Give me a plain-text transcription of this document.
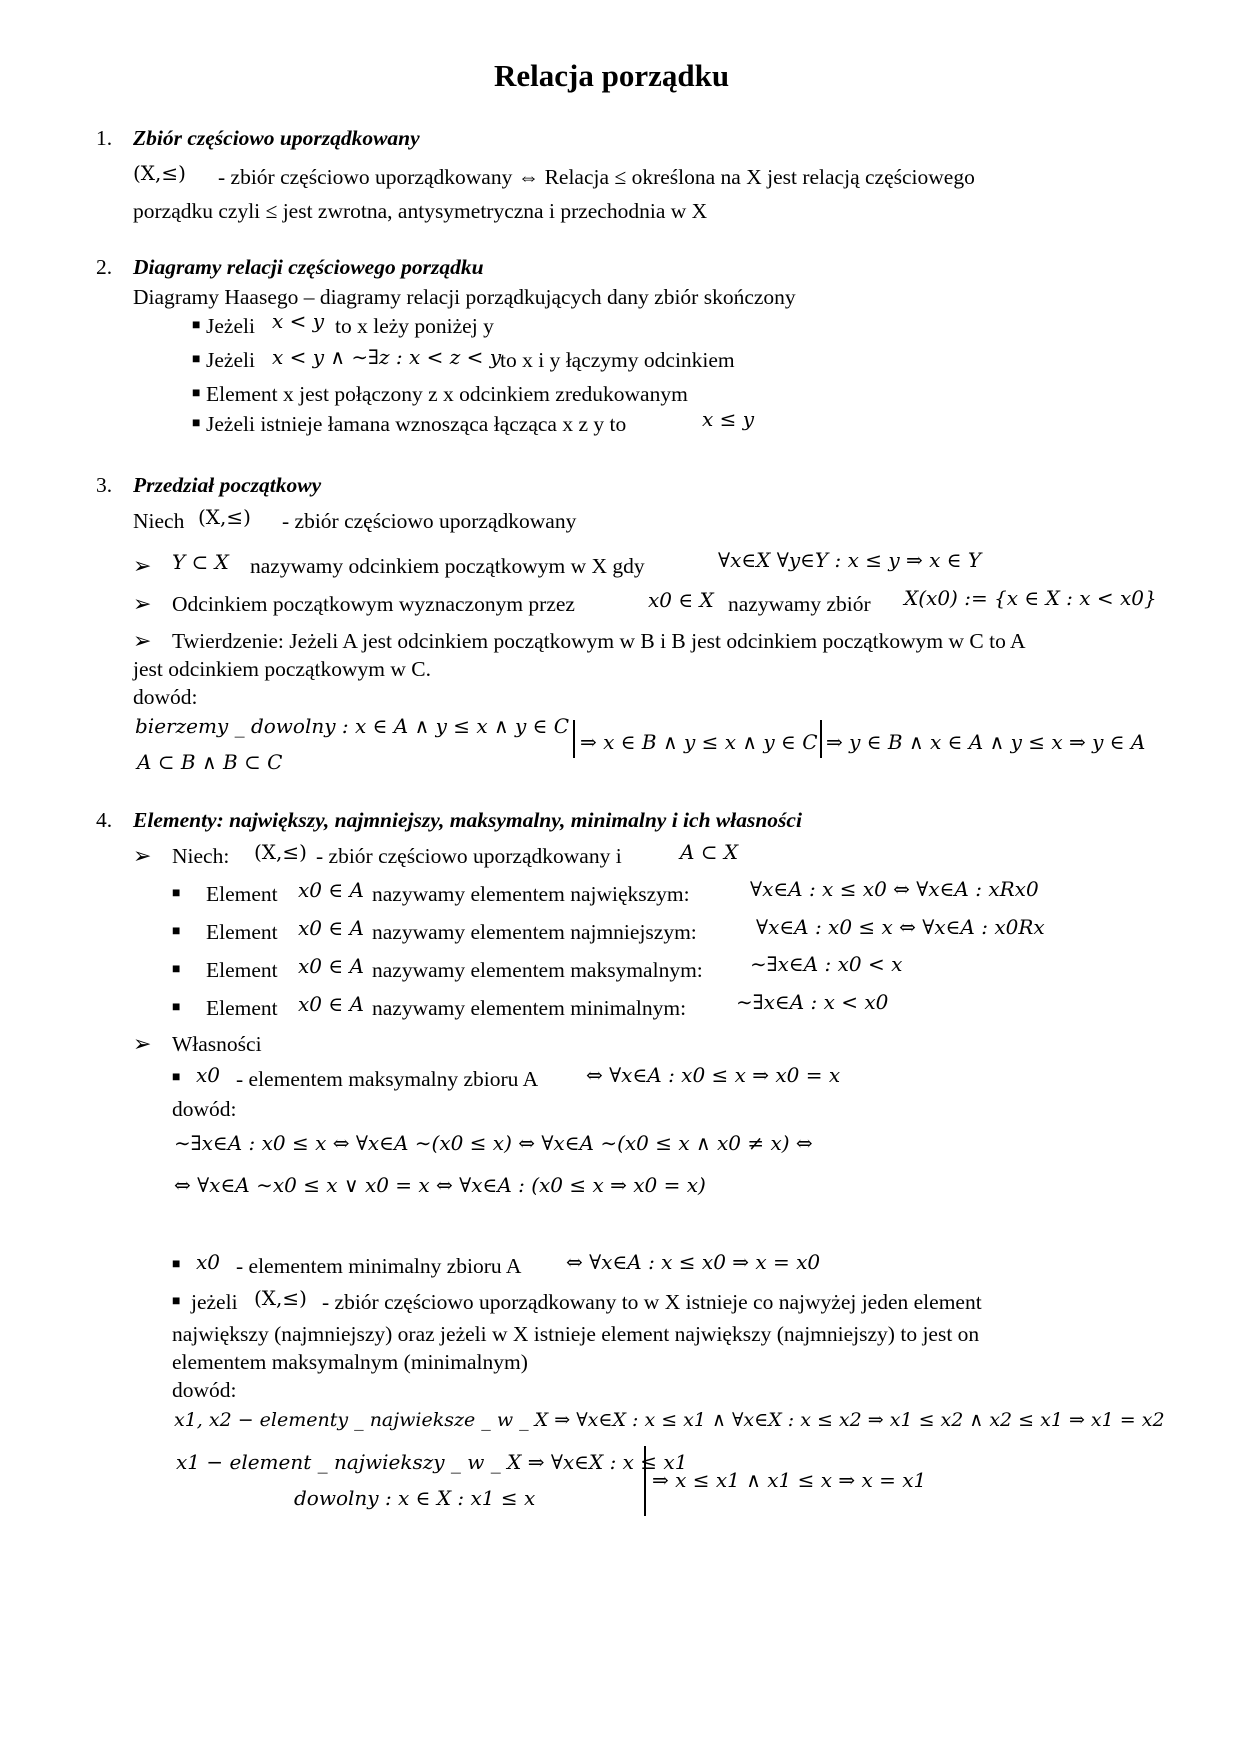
Relacja porządku
1. Zbiór częściowo uporządkowany
(X,≤) - zbiór częściowo uporządkowany ⇔ Relacja ≤ określona na X jest relacją częściowego
porządku czyli ≤ jest zwrotna, antysymetryczna i przechodnia w X
2. Diagramy relacji częściowego porządku
Diagramy Haasego – diagramy relacji porządkujących dany zbiór skończony
■ Jeżeli x < y to x leży poniżej y
■ Jeżeli x < y ∧ ∼∃z : x < z < y
to x i y łączymy odcinkiem
■ Element x jest połączony z x odcinkiem zredukowanym
■ Jeżeli istnieje łamana wznosząca łącząca x z y to	x ≤ y
3. Przedział początkowy
Niech (X,≤) - zbiór częściowo uporządkowany
➢ Y ⊂ X nazywamy odcinkiem początkowym w X gdy	∀x∈X ∀y∈Y : x ≤ y ⇒ x ∈ Y
➢ Odcinkiem początkowym wyznaczonym przez	x0 ∈ X nazywamy zbiór X(x0) := {x ∈ X : x < x0}
➢ Twierdzenie: Jeżeli A jest odcinkiem początkowym w B i B jest odcinkiem początkowym w C to A
jest odcinkiem początkowym w C.
dowód:
bierzemy _ dowolny : x ∈ A ∧ y ≤ x ∧ y ∈ C
A ⊂ B ∧ B ⊂ C
⇒ x ∈ B ∧ y ≤ x ∧ y ∈ C ⇒ y ∈ B ∧ x ∈ A ∧ y ≤ x ⇒ y ∈ A
4. Elementy: największy, najmniejszy, maksymalny, minimalny i ich własności
➢ Niech: (X,≤) - zbiór częściowo uporządkowany i	A ⊂ X
■ Element x0 ∈ A nazywamy elementem największym:	∀x∈A : x ≤ x0 ⇔ ∀x∈A : xRx0
■ Element x0 ∈ A nazywamy elementem najmniejszym:	∀x∈A : x0 ≤ x ⇔ ∀x∈A : x0Rx
■ Element x0 ∈ A nazywamy elementem maksymalnym: ∼∃x∈A : x0 < x
■ Element x0 ∈ A nazywamy elementem minimalnym: ∼∃x∈A : x < x0
➢ Własności
■ x0 - elementem maksymalny zbioru A ⇔ ∀x∈A : x0 ≤ x ⇒ x0 = x
dowód:
∼∃x∈A : x0 ≤ x ⇔ ∀x∈A ∼(x0 ≤ x) ⇔ ∀x∈A ∼(x0 ≤ x ∧ x0 ≠ x) ⇔
⇔ ∀x∈A ∼x0 ≤ x ∨ x0 = x ⇔ ∀x∈A : (x0 ≤ x ⇒ x0 = x)
■ x0 - elementem minimalny zbioru A ⇔ ∀x∈A : x ≤ x0 ⇒ x = x0
■ jeżeli (X,≤) - zbiór częściowo uporządkowany to w X istnieje co najwyżej jeden element
największy (najmniejszy) oraz jeżeli w X istnieje element największy (najmniejszy) to jest on
elementem maksymalnym (minimalnym)
dowód:
x1, x2 − elementy _ najwieksze _ w _ X ⇒ ∀x∈X : x ≤ x1 ∧ ∀x∈X : x ≤ x2 ⇒ x1 ≤ x2 ∧ x2 ≤ x1 ⇒ x1 = x2
x1 − element _ najwiekszy _ w _ X ⇒ ∀x∈X : x ≤ x1
dowolny : x ∈ X : x1 ≤ x
⇒ x ≤ x1 ∧ x1 ≤ x ⇒ x = x1
